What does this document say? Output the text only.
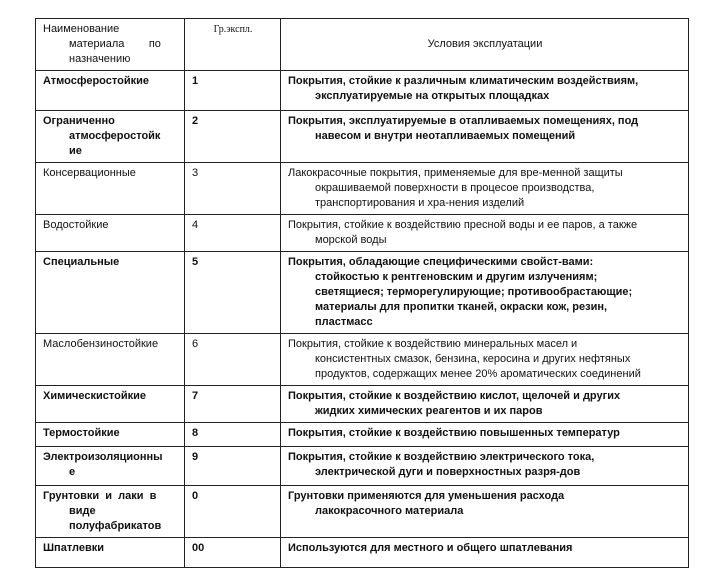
Наименование
материала        по
назначению	Гр.экспл.	Условия эксплуатации

Атмосферостойкие	1	Покрытия, стойкие к различным климатическим воздействиям,
эксплуатируемые на открытых площадках

Ограниченно
атмосферостойк
ие	2	Покрытия, эксплуатируемые в отапливаемых помещениях, под
навесом и внутри неотапливаемых помещений

Консервационные	3	Лакокрасочные покрытия, применяемые для вре-менной защиты
окрашиваемой поверхности в процесое производства,
транспортирования и хра-нения изделий

Водостойкие	4	Покрытия, стойкие к воздействию пресной воды и ее паров, а также
морской воды

Специальные	5	Покрытия, обладающие специфическими свойст-вами:
стойкостью к рентгеновским и другим излучениям;
светящиеся; терморегулирующие; противообрастающие;
материалы для пропитки тканей, окраски кож, резин,
пластмасс

Маслобензиностойкие	6	Покрытия, стойкие к воздействию минеральных масел и
консистентных смазок, бензина, керосина и других нефтяных
продуктов, содержащих менее 20% ароматических соединений

Химическистойкие	7	Покрытия, стойкие к воздействию кислот, щелочей и других
жидких химических реагентов и их паров

Термостойкие	8	Покрытия, стойкие к воздействию повышенных температур

Электроизоляционны
е	9	Покрытия, стойкие к воздействию электрического тока,
электрической дуги и поверхностных разря-дов

Грунтовки  и  лаки  в
виде
полуфабрикатов	0	Грунтовки применяются для уменьшения расхода
лакокрасочного материала

Шпатлевки	00	Используются для местного и общего шпатлевания
